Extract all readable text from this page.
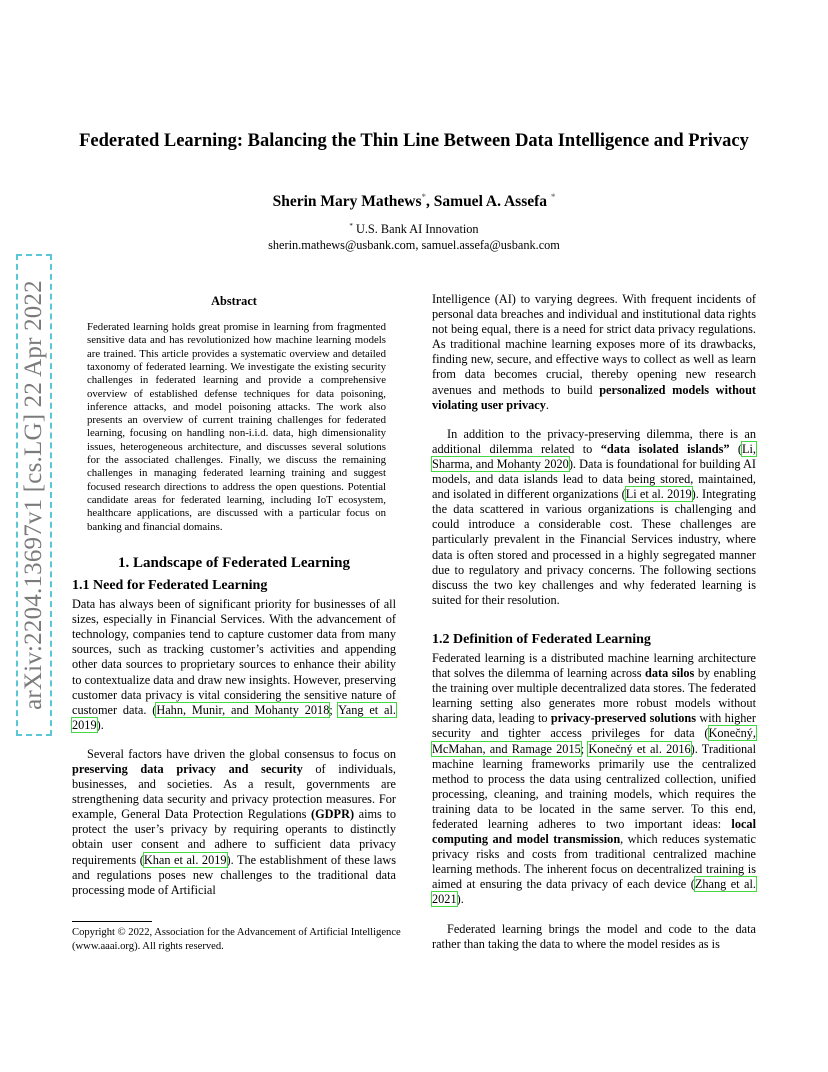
arXiv:2204.13697v1 [cs.LG] 22 Apr 2022
Federated Learning: Balancing the Thin Line Between Data Intelligence and Privacy

Sherin Mary Mathews*, Samuel A. Assefa *

* U.S. Bank AI Innovation
sherin.mathews@usbank.com, samuel.assefa@usbank.com
Abstract

Federated learning holds great promise in learning from fragmented sensitive data and has revolutionized how machine learning models are trained. This article provides a systematic overview and detailed taxonomy of federated learning. We investigate the existing security challenges in federated learning and provide a comprehensive overview of established defense techniques for data poisoning, inference attacks, and model poisoning attacks. The work also presents an overview of current training challenges for federated learning, focusing on handling non-i.i.d. data, high dimensionality issues, heterogeneous architecture, and discusses several solutions for the associated challenges. Finally, we discuss the remaining challenges in managing federated learning training and suggest focused research directions to address the open questions. Potential candidate areas for federated learning, including IoT ecosystem, healthcare applications, are discussed with a particular focus on banking and financial domains.

1. Landscape of Federated Learning
1.1 Need for Federated Learning

Data has always been of significant priority for businesses of all sizes, especially in Financial Services. With the advancement of technology, companies tend to capture customer data from many sources, such as tracking customer’s activities and appending other data sources to proprietary sources to enhance their ability to contextualize data and draw new insights. However, preserving customer data privacy is vital considering the sensitive nature of customer data. (Hahn, Munir, and Mohanty 2018; Yang et al. 2019).

Several factors have driven the global consensus to focus on preserving data privacy and security of individuals, businesses, and societies. As a result, governments are strengthening data security and privacy protection measures. For example, General Data Protection Regulations (GDPR) aims to protect the user’s privacy by requiring operants to distinctly obtain user consent and adhere to sufficient data privacy requirements (Khan et al. 2019). The establishment of these laws and regulations poses new challenges to the traditional data processing mode of Artificial

Copyright © 2022, Association for the Advancement of Artificial Intelligence (www.aaai.org). All rights reserved.

Intelligence (AI) to varying degrees. With frequent incidents of personal data breaches and individual and institutional data rights not being equal, there is a need for strict data privacy regulations. As traditional machine learning exposes more of its drawbacks, finding new, secure, and effective ways to collect as well as learn from data becomes crucial, thereby opening new research avenues and methods to build personalized models without violating user privacy.

In addition to the privacy-preserving dilemma, there is an additional dilemma related to “data isolated islands” (Li, Sharma, and Mohanty 2020). Data is foundational for building AI models, and data islands lead to data being stored, maintained, and isolated in different organizations (Li et al. 2019). Integrating the data scattered in various organizations is challenging and could introduce a considerable cost. These challenges are particularly prevalent in the Financial Services industry, where data is often stored and processed in a highly segregated manner due to regulatory and privacy concerns. The following sections discuss the two key challenges and why federated learning is suited for their resolution.

1.2 Definition of Federated Learning

Federated learning is a distributed machine learning architecture that solves the dilemma of learning across data silos by enabling the training over multiple decentralized data stores. The federated learning setting also generates more robust models without sharing data, leading to privacy-preserved solutions with higher security and tighter access privileges for data (Konečný, McMahan, and Ramage 2015; Konečný et al. 2016). Traditional machine learning frameworks primarily use the centralized method to process the data using centralized collection, unified processing, cleaning, and training models, which requires the training data to be located in the same server. To this end, federated learning adheres to two important ideas: local computing and model transmission, which reduces systematic privacy risks and costs from traditional centralized machine learning methods. The inherent focus on decentralized training is aimed at ensuring the data privacy of each device (Zhang et al. 2021).

Federated learning brings the model and code to the data rather than taking the data to where the model resides as is
